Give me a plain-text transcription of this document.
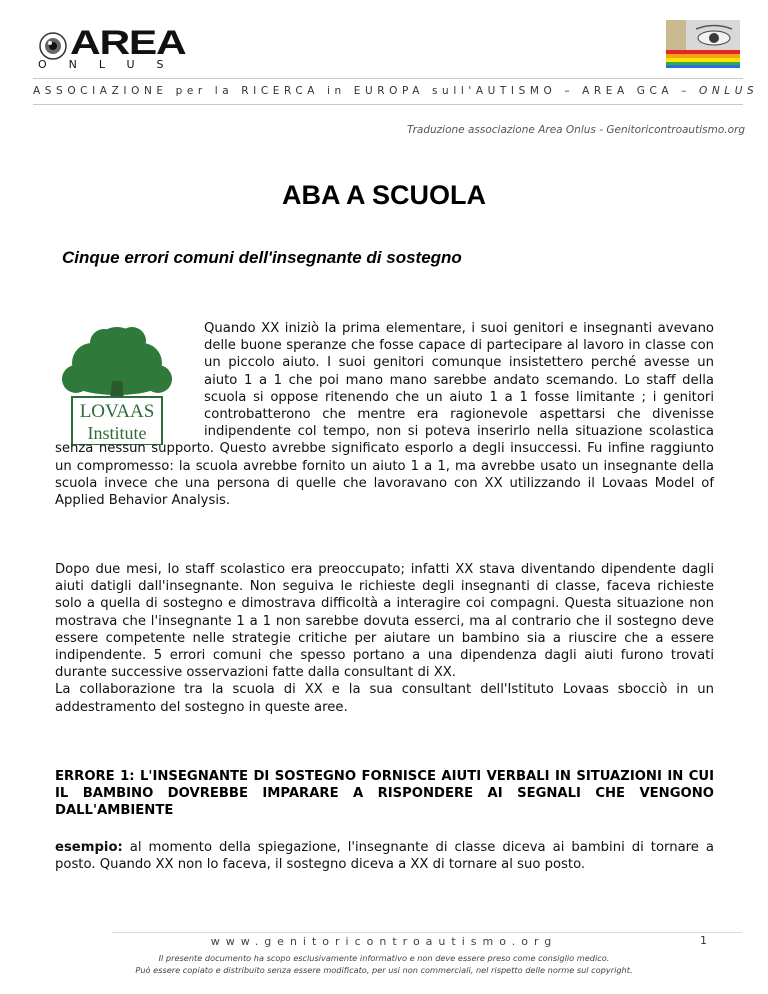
AREA
ONLUS
ASSOCIAZIONE per la RICERCA in EUROPA sull'AUTISMO – AREA GCA – ONLUS
Traduzione associazione Area Onlus - Genitoricontroautismo.org
ABA A SCUOLA
Cinque errori comuni dell'insegnante di sostegno
LOVAAS
Institute
Quando XX iniziò la prima elementare, i suoi genitori e insegnanti avevano delle buone speranze che fosse capace di partecipare al lavoro in classe con un piccolo aiuto. I suoi genitori comunque insistettero perché avesse un aiuto 1 a 1 che poi mano mano sarebbe andato scemando. Lo staff della scuola si oppose ritenendo che un aiuto 1 a 1 fosse limitante ; i genitori controbatterono che mentre era ragionevole aspettarsi che divenisse indipendente col tempo, non si poteva inserirlo nella situazione scolastica senza nessun supporto. Questo avrebbe significato esporlo a degli insuccessi. Fu infine raggiunto un compromesso: la scuola avrebbe fornito un aiuto 1 a 1, ma avrebbe usato un insegnante della scuola invece che una persona di quelle che lavoravano con XX utilizzando il Lovaas Model of Applied Behavior Analysis.
Dopo due mesi, lo staff scolastico era preoccupato; infatti XX stava diventando dipendente dagli aiuti datigli dall'insegnante. Non seguiva le richieste degli insegnanti di classe, faceva richieste solo a quella di sostegno e dimostrava difficoltà a interagire coi compagni. Questa situazione non mostrava che l'insegnante 1 a 1 non sarebbe dovuta esserci, ma al contrario che il sostegno deve essere competente nelle strategie critiche per aiutare un bambino sia a riuscire che a essere indipendente. 5 errori comuni che spesso portano a una dipendenza dagli aiuti furono trovati durante successive osservazioni fatte dalla consultant di XX.
La collaborazione tra la scuola di XX e la sua consultant dell'Istituto Lovaas sbocciò in un addestramento del sostegno in queste aree.
ERRORE 1: L'INSEGNANTE DI SOSTEGNO FORNISCE AIUTI VERBALI IN SITUAZIONI IN CUI IL BAMBINO DOVREBBE IMPARARE A RISPONDERE AI SEGNALI CHE VENGONO DALL'AMBIENTE
esempio: al momento della spiegazione, l'insegnante di classe diceva ai bambini di tornare a posto. Quando XX non lo faceva, il sostegno diceva a XX di tornare al suo posto.
www.genitoricontroautismo.org	1
Il presente documento ha scopo esclusivamente informativo e non deve essere preso come consiglio medico.
Può essere copiato e distribuito senza essere modificato, per usi non commerciali, nel rispetto delle norme sul copyright.
